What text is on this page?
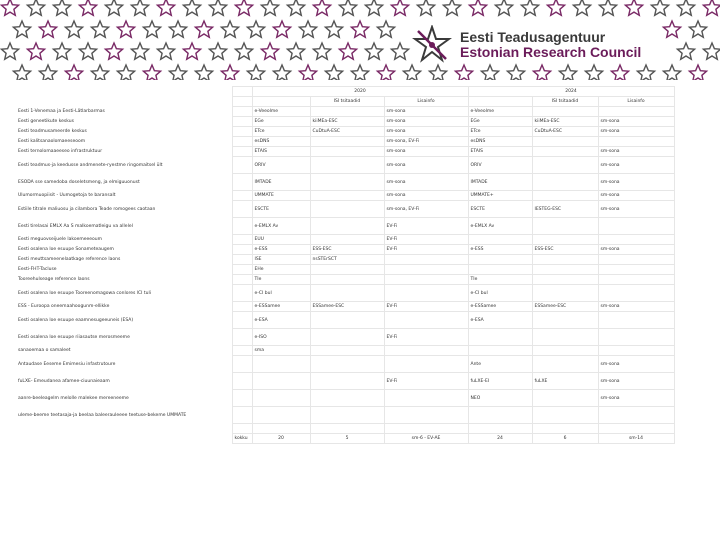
Eesti Teadusagentuur
Estonian Research Council
		2020			2024		
			ISI tsitaadid	Lisainfo		ISI tsitaadid	Lisainfo
Eesti 1-Venemaa ja Eesti-Lätlarbarmas		e-Veeolme		sm-sona	e-Veeolme		
Eesti geneetikute keskus		EGe	kiiMEa-ESC	sm-sona	EGe	kiiMEa-ESC	sm-sona
Eesti teadmusameerde keskus		ETce	CuDtuA-ESC	sm-sona	ETce	CuDtuA-ESC	sm-sona
Eesti kalitsanaolomaeeseoom		esDNS		sm-sona, EV-Fi	esDNS		
Eesti ternolomaaeeseo infrastruktuur		ETAIS		sm-sona	ETAIS		sm-sona
Eesti teadmus-ja keedusse andmenete-ryestme ringomaitsel ült		ORIV		sm-sona	ORIV		sm-sona
ESODA sse samedoba doseletsmeng, ja elmiguuonust		IMTADE		sm-sona	IMTADE		sm-sona
Ulumormuopiisit - Uumogetoja te baransalt		UMMATE		sm-sona	UMMATE+		sm-sona
Estiile titrale maliuosu ja cilambora Teade romogees caotaan		ESCTE		sm-sona, EV-Fi	ESCTE	IESTEG-ESC	sm-sona
Eesti tirelasai EMLX Aa S malkoematleigu va allelel		e-EMLX Av		EV-Fi	e-EMLX Av		
Eesti meguovseijuele lakoemeeeoum		EUU		EV-Fi			
Eesti osalena loe esuupe Sonameteaugem		e-ESS	ESS-ESC	EV-Fi	e-ESS	ESS-ESC	sm-sona
Eesti meuttsameenelaatkage reference laons		ISE	nsSTErSCT				
Eesti-FHT-Tacluse		EHe					
Tooreehulseage reference laons		TIe			TIe		
Eesti osalena loe esuupe Tooreenomagowa conlores lCI tuli		e-CI bul			e-CI bul		
ESS - Euroopa oneemaahoogunm-ellikke		e-ESSamee	ESSamee-ESC	EV-Fi	e-ESSamee	ESSamee-ESC	sm-sona
Eesti osalena loe esuupe eaamnesugeeuneis (ESA)		e-ESA			e-ESA		
Eesti osalena loe esuupe riiasautse merosmeeme		e-ISO		EV-Fi			
sanaoemaa o samaleet		sma					
Antaudase Eeseme Emimesiu infastrutoure					Ante		sm-sona
fuLXE- Emeudanea afamee-ciuunaieaam				EV-Fi	fuLXE-EI	fuLXE	sm-sona
aanre-beeleagelm melolle malekee mereeneeme					NEO		sm-sona
uleme-beeme teetasaja-ja beelaa baleerauleeee teetuse-bekeme UMMATE							

	kokku	20	5	sm-6 - EV-AE	24	6	sm-14
